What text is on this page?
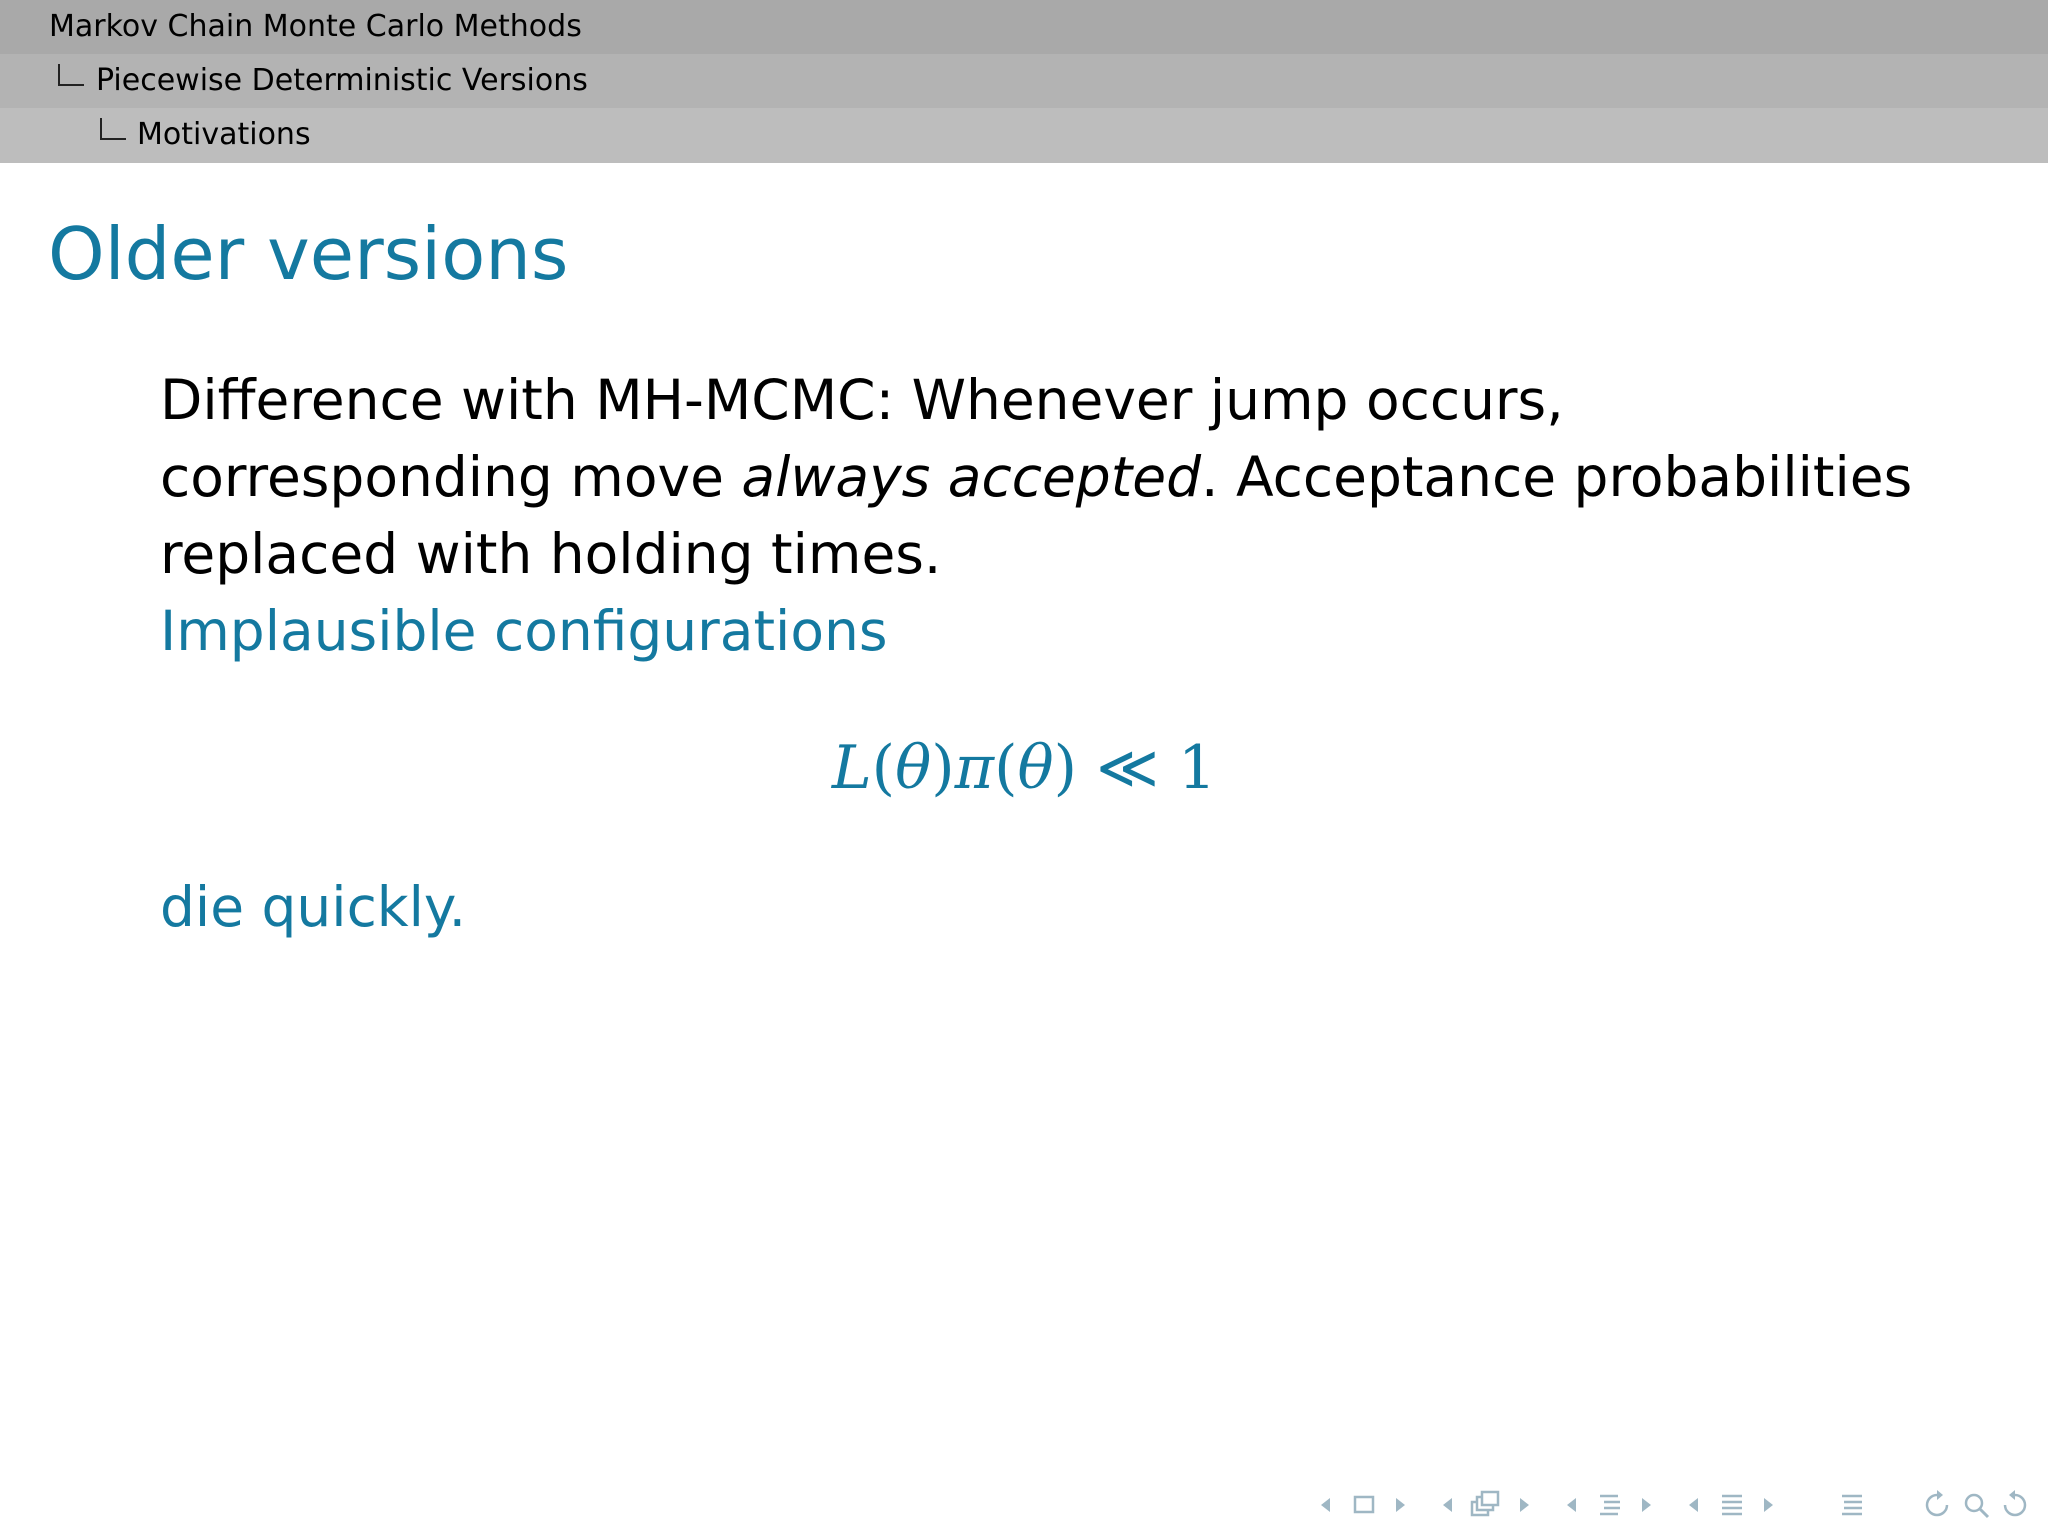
Markov Chain Monte Carlo Methods
Piecewise Deterministic Versions
Motivations
Older versions
Difference with MH-MCMC: Whenever jump occurs, corresponding move always accepted. Acceptance probabilities replaced with holding times.
Implausible configurations
L(θ)π(θ) ≪ 1
die quickly.
